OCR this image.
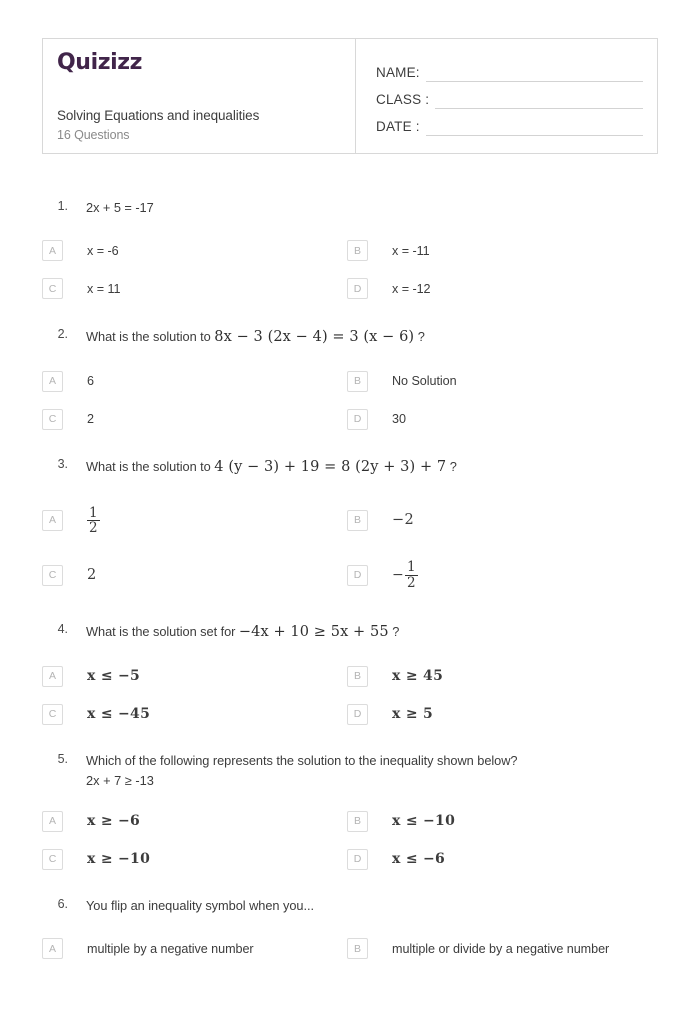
Quizizz
Solving Equations and inequalities
16 Questions
NAME:
CLASS :
DATE :
1.	2x + 5 = -17
A	x = -6	B	x = -11
C	x = 11	D	x = -12
2.	What is the solution to 8x − 3 (2x − 4) = 3 (x − 6) ?
A	6	B	No Solution
C	2	D	30
3.	What is the solution to 4 (y − 3) + 19 = 8 (2y + 3) + 7 ?
A	$\frac{1}{2}$	B	−2
C	2	D	− $\frac{1}{2}$
4.	What is the solution set for −4x + 10 ≥ 5x + 55 ?
A	x ≤ −5	B	x ≥ 45
C	x ≤ −45	D	x ≥ 5
5.	Which of the following represents the solution to the inequality shown below?
2x + 7 ≥ -13
A	x ≥ −6	B	x ≤ −10
C	x ≥ −10	D	x ≤ −6
6.	You flip an inequality symbol when you...
A	multiple by a negative number	B	multiple or divide by a negative number
